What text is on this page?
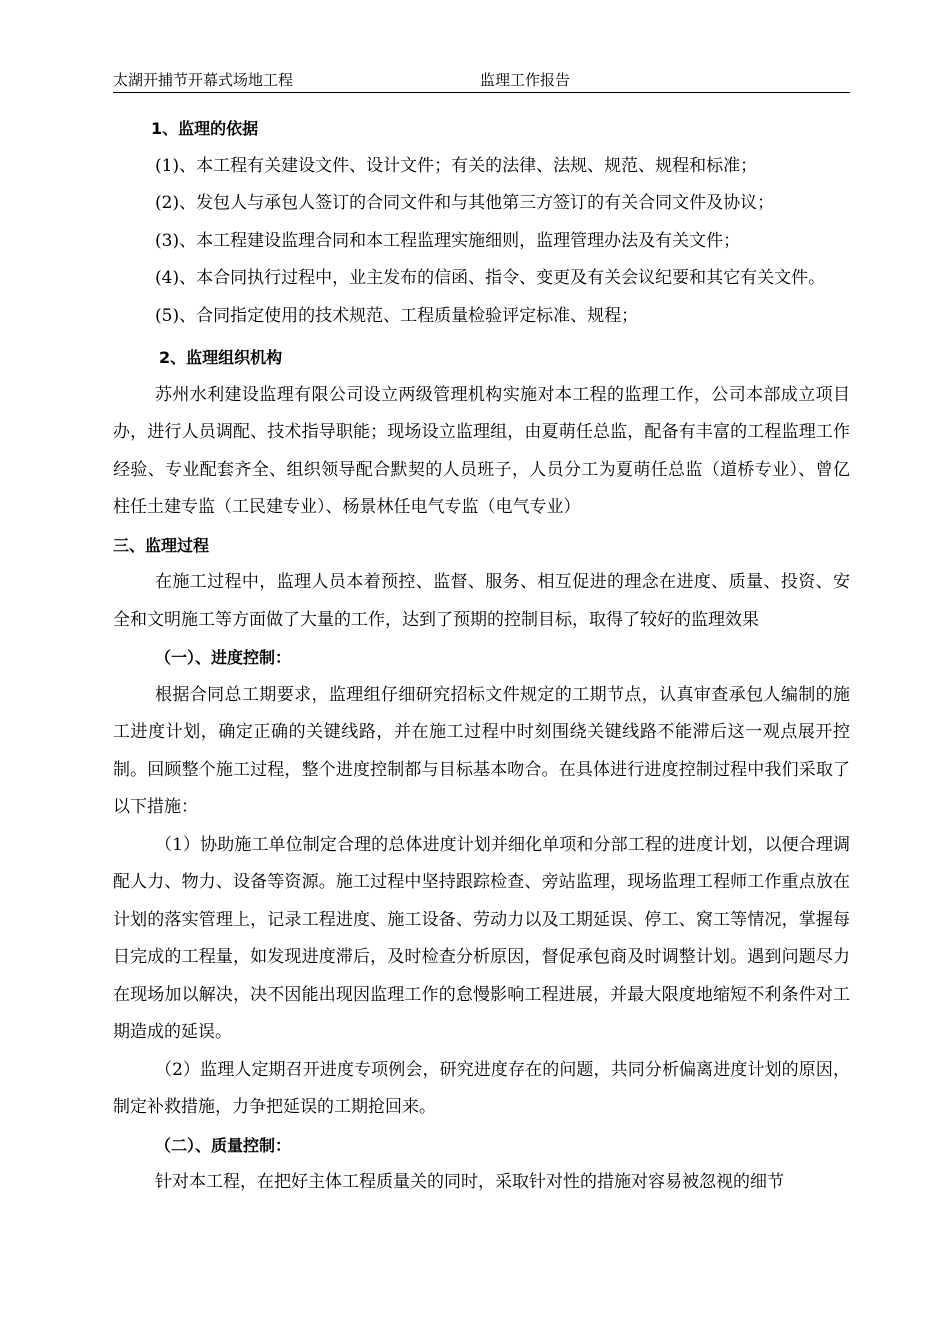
太湖开捕节开幕式场地工程	监理工作报告

1、监理的依据

(1)、本工程有关建设文件、设计文件；有关的法律、法规、规范、规程和标准；

(2)、发包人与承包人签订的合同文件和与其他第三方签订的有关合同文件及协议；

(3)、本工程建设监理合同和本工程监理实施细则，监理管理办法及有关文件；

(4)、本合同执行过程中，业主发布的信函、指令、变更及有关会议纪要和其它有关文件。

(5)、合同指定使用的技术规范、工程质量检验评定标准、规程；

2、监理组织机构

苏州水利建设监理有限公司设立两级管理机构实施对本工程的监理工作，公司本部成立项目办，进行人员调配、技术指导职能；现场设立监理组，由夏萌任总监，配备有丰富的工程监理工作经验、专业配套齐全、组织领导配合默契的人员班子，人员分工为夏萌任总监（道桥专业）、曾亿柱任土建专监（工民建专业）、杨景林任电气专监（电气专业）

三、监理过程

在施工过程中，监理人员本着预控、监督、服务、相互促进的理念在进度、质量、投资、安全和文明施工等方面做了大量的工作，达到了预期的控制目标，取得了较好的监理效果

（一）、进度控制：

根据合同总工期要求，监理组仔细研究招标文件规定的工期节点，认真审查承包人编制的施工进度计划，确定正确的关键线路，并在施工过程中时刻围绕关键线路不能滞后这一观点展开控制。回顾整个施工过程，整个进度控制都与目标基本吻合。在具体进行进度控制过程中我们采取了以下措施：

（1）协助施工单位制定合理的总体进度计划并细化单项和分部工程的进度计划，以便合理调配人力、物力、设备等资源。施工过程中坚持跟踪检查、旁站监理，现场监理工程师工作重点放在计划的落实管理上，记录工程进度、施工设备、劳动力以及工期延误、停工、窝工等情况，掌握每日完成的工程量，如发现进度滞后，及时检查分析原因，督促承包商及时调整计划。遇到问题尽力在现场加以解决，决不因能出现因监理工作的怠慢影响工程进展，并最大限度地缩短不利条件对工期造成的延误。

（2）监理人定期召开进度专项例会，研究进度存在的问题，共同分析偏离进度计划的原因，制定补救措施，力争把延误的工期抢回来。

（二）、质量控制：

针对本工程，在把好主体工程质量关的同时，采取针对性的措施对容易被忽视的细节
